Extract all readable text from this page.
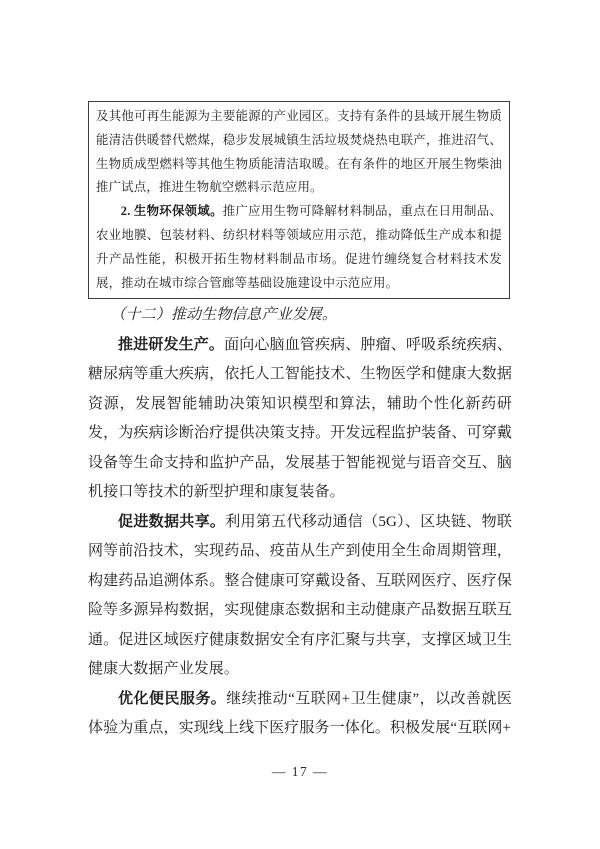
及其他可再生能源为主要能源的产业园区。支持有条件的县域开展生物质能清洁供暖替代燃煤，稳步发展城镇生活垃圾焚烧热电联产，推进沼气、生物质成型燃料等其他生物质能清洁取暖。在有条件的地区开展生物柴油推广试点，推进生物航空燃料示范应用。

2. 生物环保领域。推广应用生物可降解材料制品，重点在日用制品、农业地膜、包装材料、纺织材料等领域应用示范，推动降低生产成本和提升产品性能，积极开拓生物材料制品市场。促进竹缠绕复合材料技术发展，推动在城市综合管廊等基础设施建设中示范应用。

（十二）推动生物信息产业发展。

推进研发生产。面向心脑血管疾病、肿瘤、呼吸系统疾病、糖尿病等重大疾病，依托人工智能技术、生物医学和健康大数据资源，发展智能辅助决策知识模型和算法，辅助个性化新药研发，为疾病诊断治疗提供决策支持。开发远程监护装备、可穿戴设备等生命支持和监护产品，发展基于智能视觉与语音交互、脑机接口等技术的新型护理和康复装备。

促进数据共享。利用第五代移动通信（5G）、区块链、物联网等前沿技术，实现药品、疫苗从生产到使用全生命周期管理，构建药品追溯体系。整合健康可穿戴设备、互联网医疗、医疗保险等多源异构数据，实现健康态数据和主动健康产品数据互联互通。促进区域医疗健康数据安全有序汇聚与共享，支撑区域卫生健康大数据产业发展。

优化便民服务。继续推动“互联网+卫生健康”，以改善就医体验为重点，实现线上线下医疗服务一体化。积极发展“互联网+

— 17 —
